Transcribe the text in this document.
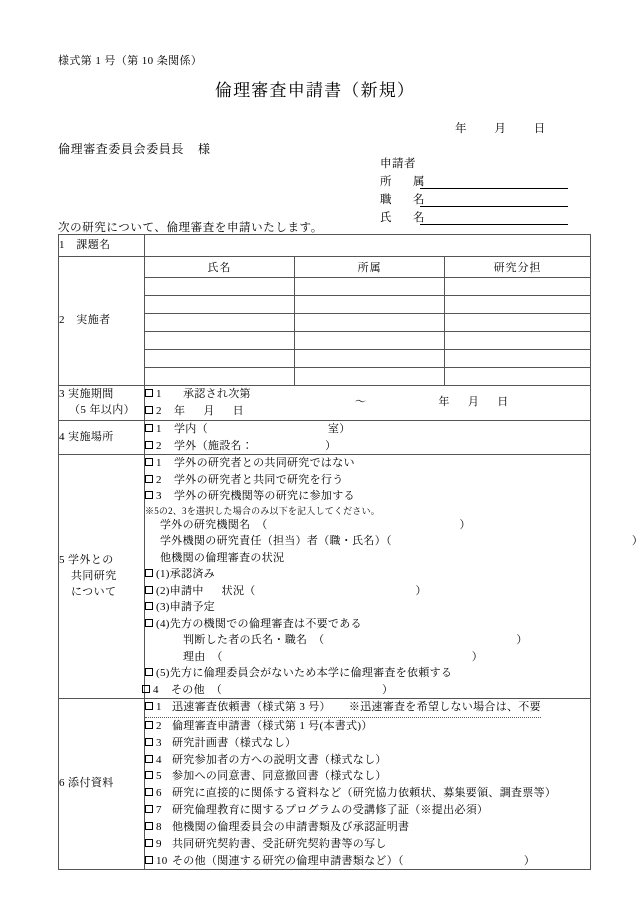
様式第 1 号（第 10 条関係）
倫理審査申請書（新規）
年 月 日
倫理審査委員会委員長 様
申請者
所　属
職　名
氏　名
次の研究について、倫理審査を申請いたします。
1　課題名	
2　実施者	
氏名	所属	研究分担

3 実施期間
（5 年以内）

1 承認され次第
2 年 月 日
〜	年 月 日

4 実施場所	
1 学内（	室）
2 学外（施設名：	）

5 学外との
共同研究
について

1 学外の研究者との共同研究ではない
2 学外の研究者と共同で研究を行う
3 学外の研究機関等の研究に参加する
※5の2、3を選択した場合のみ以下を記入してください。
学外の研究機関名　（	）
学外機関の研究責任（担当）者（職・氏名）（	）
他機関の倫理審査の状況
(1)承認済み
(2)申請中 状況（	）
(3)申請予定
(4)先方の機関での倫理審査は不要である
判断した者の氏名・職名　（	）
理由　（	）
(5)先方に倫理委員会がないため本学に倫理審査を依頼する
4 その他　（	）

6 添付資料	
1 迅速審査依頼書（様式第 3 号） ※迅速審査を希望しない場合は、不要
2 倫理審査申請書（様式第 1 号(本書式)）
3 研究計画書（様式なし）
4 研究参加者の方への説明文書（様式なし）
5 参加への同意書、同意撤回書（様式なし）
6 研究に直接的に関係する資料など（研究協力依頼状、募集要領、調査票等）
7 研究倫理教育に関するプログラムの受講修了証（※提出必須）
8 他機関の倫理委員会の申請書類及び承認証明書
9 共同研究契約書、受託研究契約書等の写し
10 その他（関連する研究の倫理申請書類など）（	）
